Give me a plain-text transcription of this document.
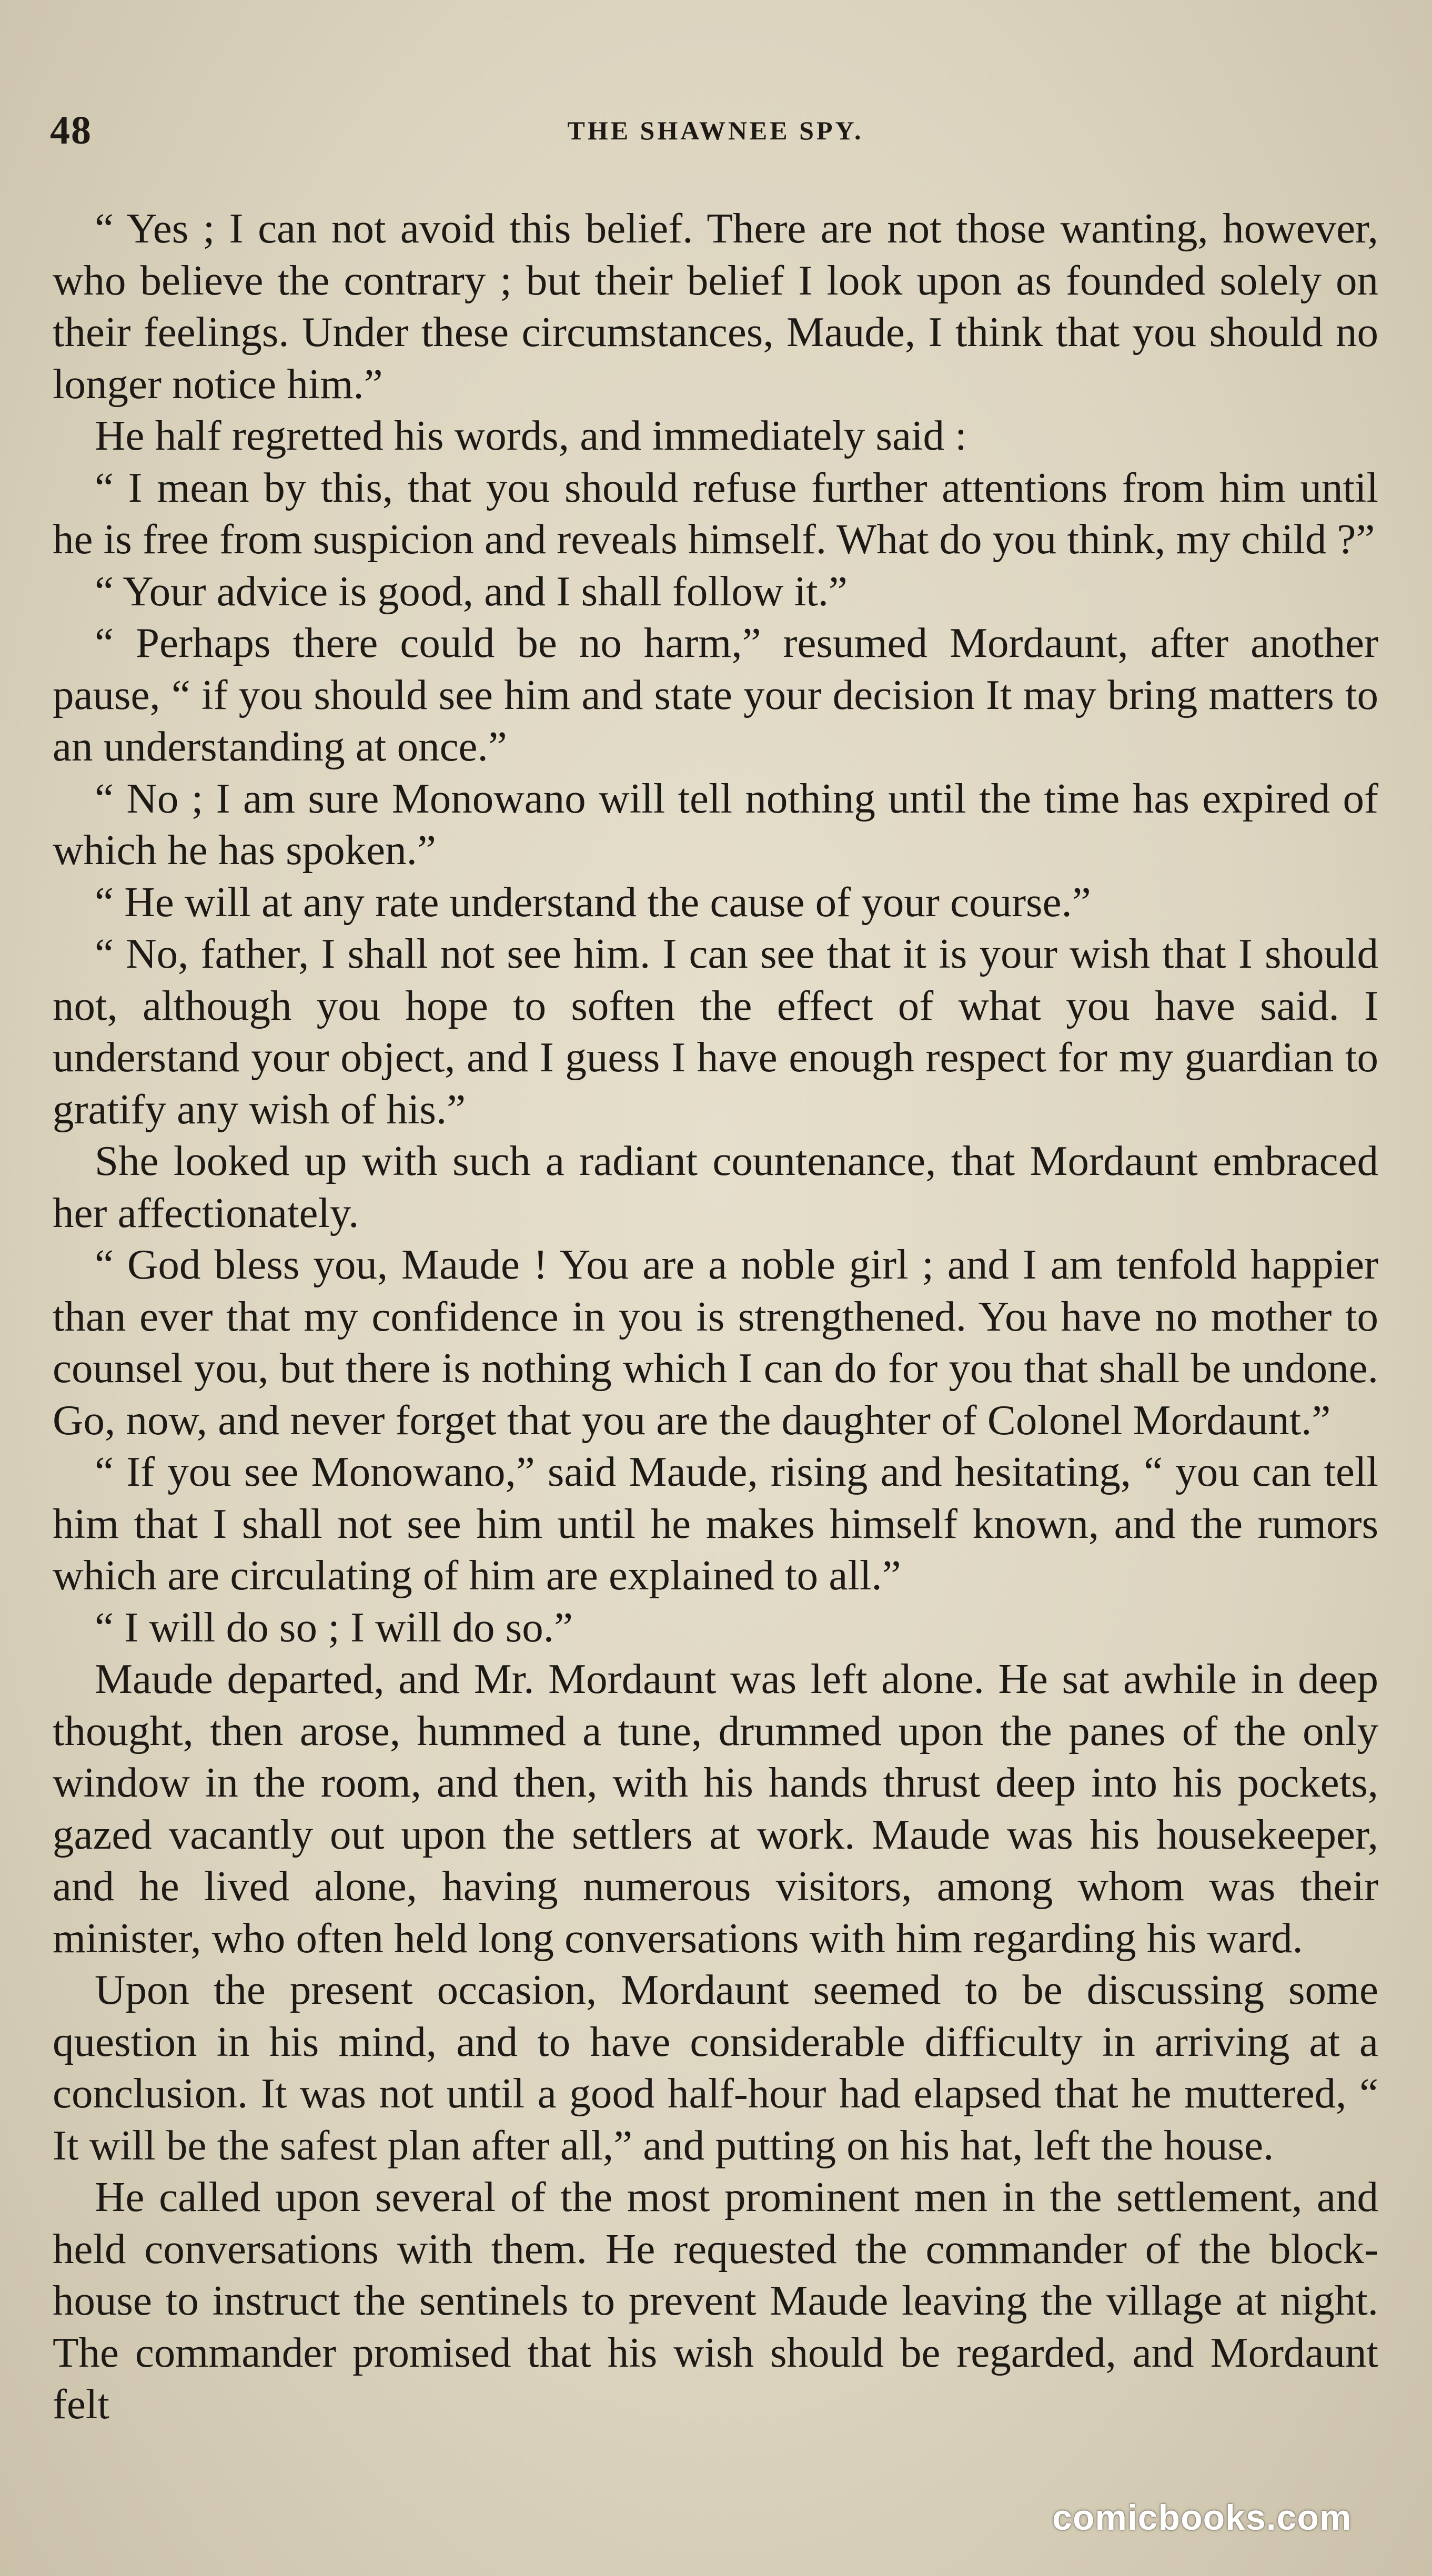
48	THE SHAWNEE SPY.

“ Yes ; I can not avoid this belief. There are not those wanting, however, who believe the contrary ; but their belief I look upon as founded solely on their feelings. Under these circumstances, Maude, I think that you should no longer notice him.”

He half regretted his words, and immediately said :

“ I mean by this, that you should refuse further attentions from him until he is free from suspicion and reveals himself. What do you think, my child ?”

“ Your advice is good, and I shall follow it.”

“ Perhaps there could be no harm,” resumed Mordaunt, after another pause, “ if you should see him and state your decision It may bring matters to an understanding at once.”

“ No ; I am sure Monowano will tell nothing until the time has expired of which he has spoken.”

“ He will at any rate understand the cause of your course.”

“ No, father, I shall not see him. I can see that it is your wish that I should not, although you hope to soften the effect of what you have said. I understand your object, and I guess I have enough respect for my guardian to gratify any wish of his.”

She looked up with such a radiant countenance, that Mordaunt embraced her affectionately.

“ God bless you, Maude ! You are a noble girl ; and I am tenfold happier than ever that my confidence in you is strengthened. You have no mother to counsel you, but there is nothing which I can do for you that shall be undone. Go, now, and never forget that you are the daughter of Colonel Mordaunt.”

“ If you see Monowano,” said Maude, rising and hesitating, “ you can tell him that I shall not see him until he makes himself known, and the rumors which are circulating of him are explained to all.”

“ I will do so ; I will do so.”

Maude departed, and Mr. Mordaunt was left alone. He sat awhile in deep thought, then arose, hummed a tune, drummed upon the panes of the only window in the room, and then, with his hands thrust deep into his pockets, gazed vacantly out upon the settlers at work. Maude was his housekeeper, and he lived alone, having numerous visitors, among whom was their minister, who often held long conversations with him regarding his ward.

Upon the present occasion, Mordaunt seemed to be discussing some question in his mind, and to have considerable difficulty in arriving at a conclusion. It was not until a good half-hour had elapsed that he muttered, “ It will be the safest plan after all,” and putting on his hat, left the house.

He called upon several of the most prominent men in the settlement, and held conversations with them. He requested the commander of the block-house to instruct the sentinels to prevent Maude leaving the village at night. The commander promised that his wish should be regarded, and Mordaunt felt

comicbooks.com
